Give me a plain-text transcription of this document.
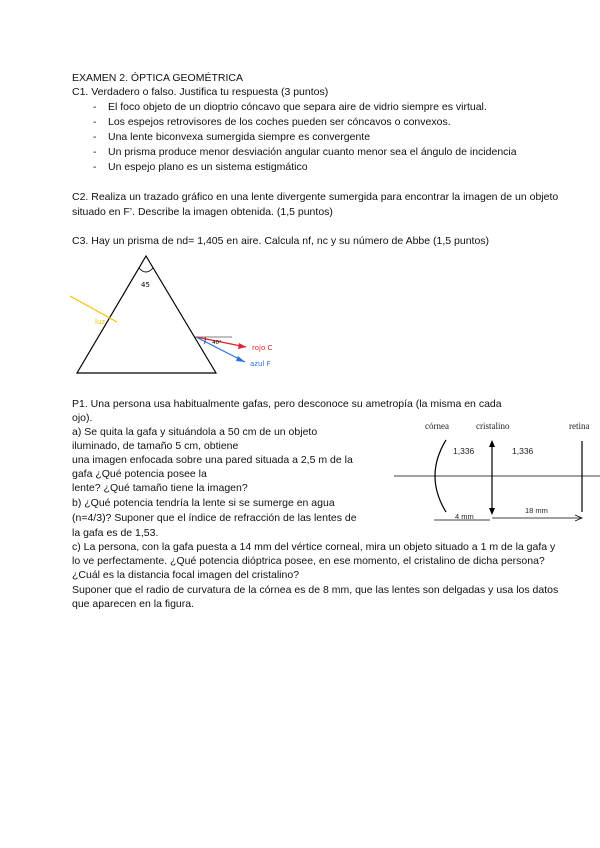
EXAMEN 2. ÓPTICA GEOMÉTRICA
C1. Verdadero o falso. Justifica tu respuesta (3 puntos)
- El foco objeto de un dioptrio cóncavo que separa aire de vidrio siempre es virtual.
- Los espejos retrovisores de los coches pueden ser cóncavos o convexos.
- Una lente biconvexa sumergida siempre es convergente
- Un prisma produce menor desviación angular cuanto menor sea el ángulo de incidencia
- Un espejo plano es un sistema estigmático
C2. Realiza un trazado gráfico en una lente divergente sumergida para encontrar la imagen de un objeto
situado en F’. Describe la imagen obtenida. (1,5 puntos)
C3. Hay un prisma de nd= 1,405 en aire. Calcula nf, nc y su número de Abbe (1,5 puntos)
45
luz
rojo C
azul F
40°
P1. Una persona usa habitualmente gafas, pero desconoce su ametropía (la misma en cada
ojo).
a) Se quita la gafa y situándola a 50 cm de un objeto
iluminado, de tamaño 5 cm, obtiene
una imagen enfocada sobre una pared situada a 2,5 m de la
gafa ¿Qué potencia posee la
lente? ¿Qué tamaño tiene la imagen?
b) ¿Qué potencia tendría la lente si se sumerge en agua
(n=4/3)? Suponer que el índice de refracción de las lentes de
la gafa es de 1,53.
c) La persona, con la gafa puesta a 14 mm del vértice corneal, mira un objeto situado a 1 m de la gafa y
lo ve perfectamente. ¿Qué potencia dióptrica posee, en ese momento, el cristalino de dicha persona?
¿Cuál es la distancia focal imagen del cristalino?
Suponer que el radio de curvatura de la córnea es de 8 mm, que las lentes son delgadas y usa los datos
que aparecen en la figura.
córnea	cristalino	retina
1,336	1,336
4 mm
18 mm
